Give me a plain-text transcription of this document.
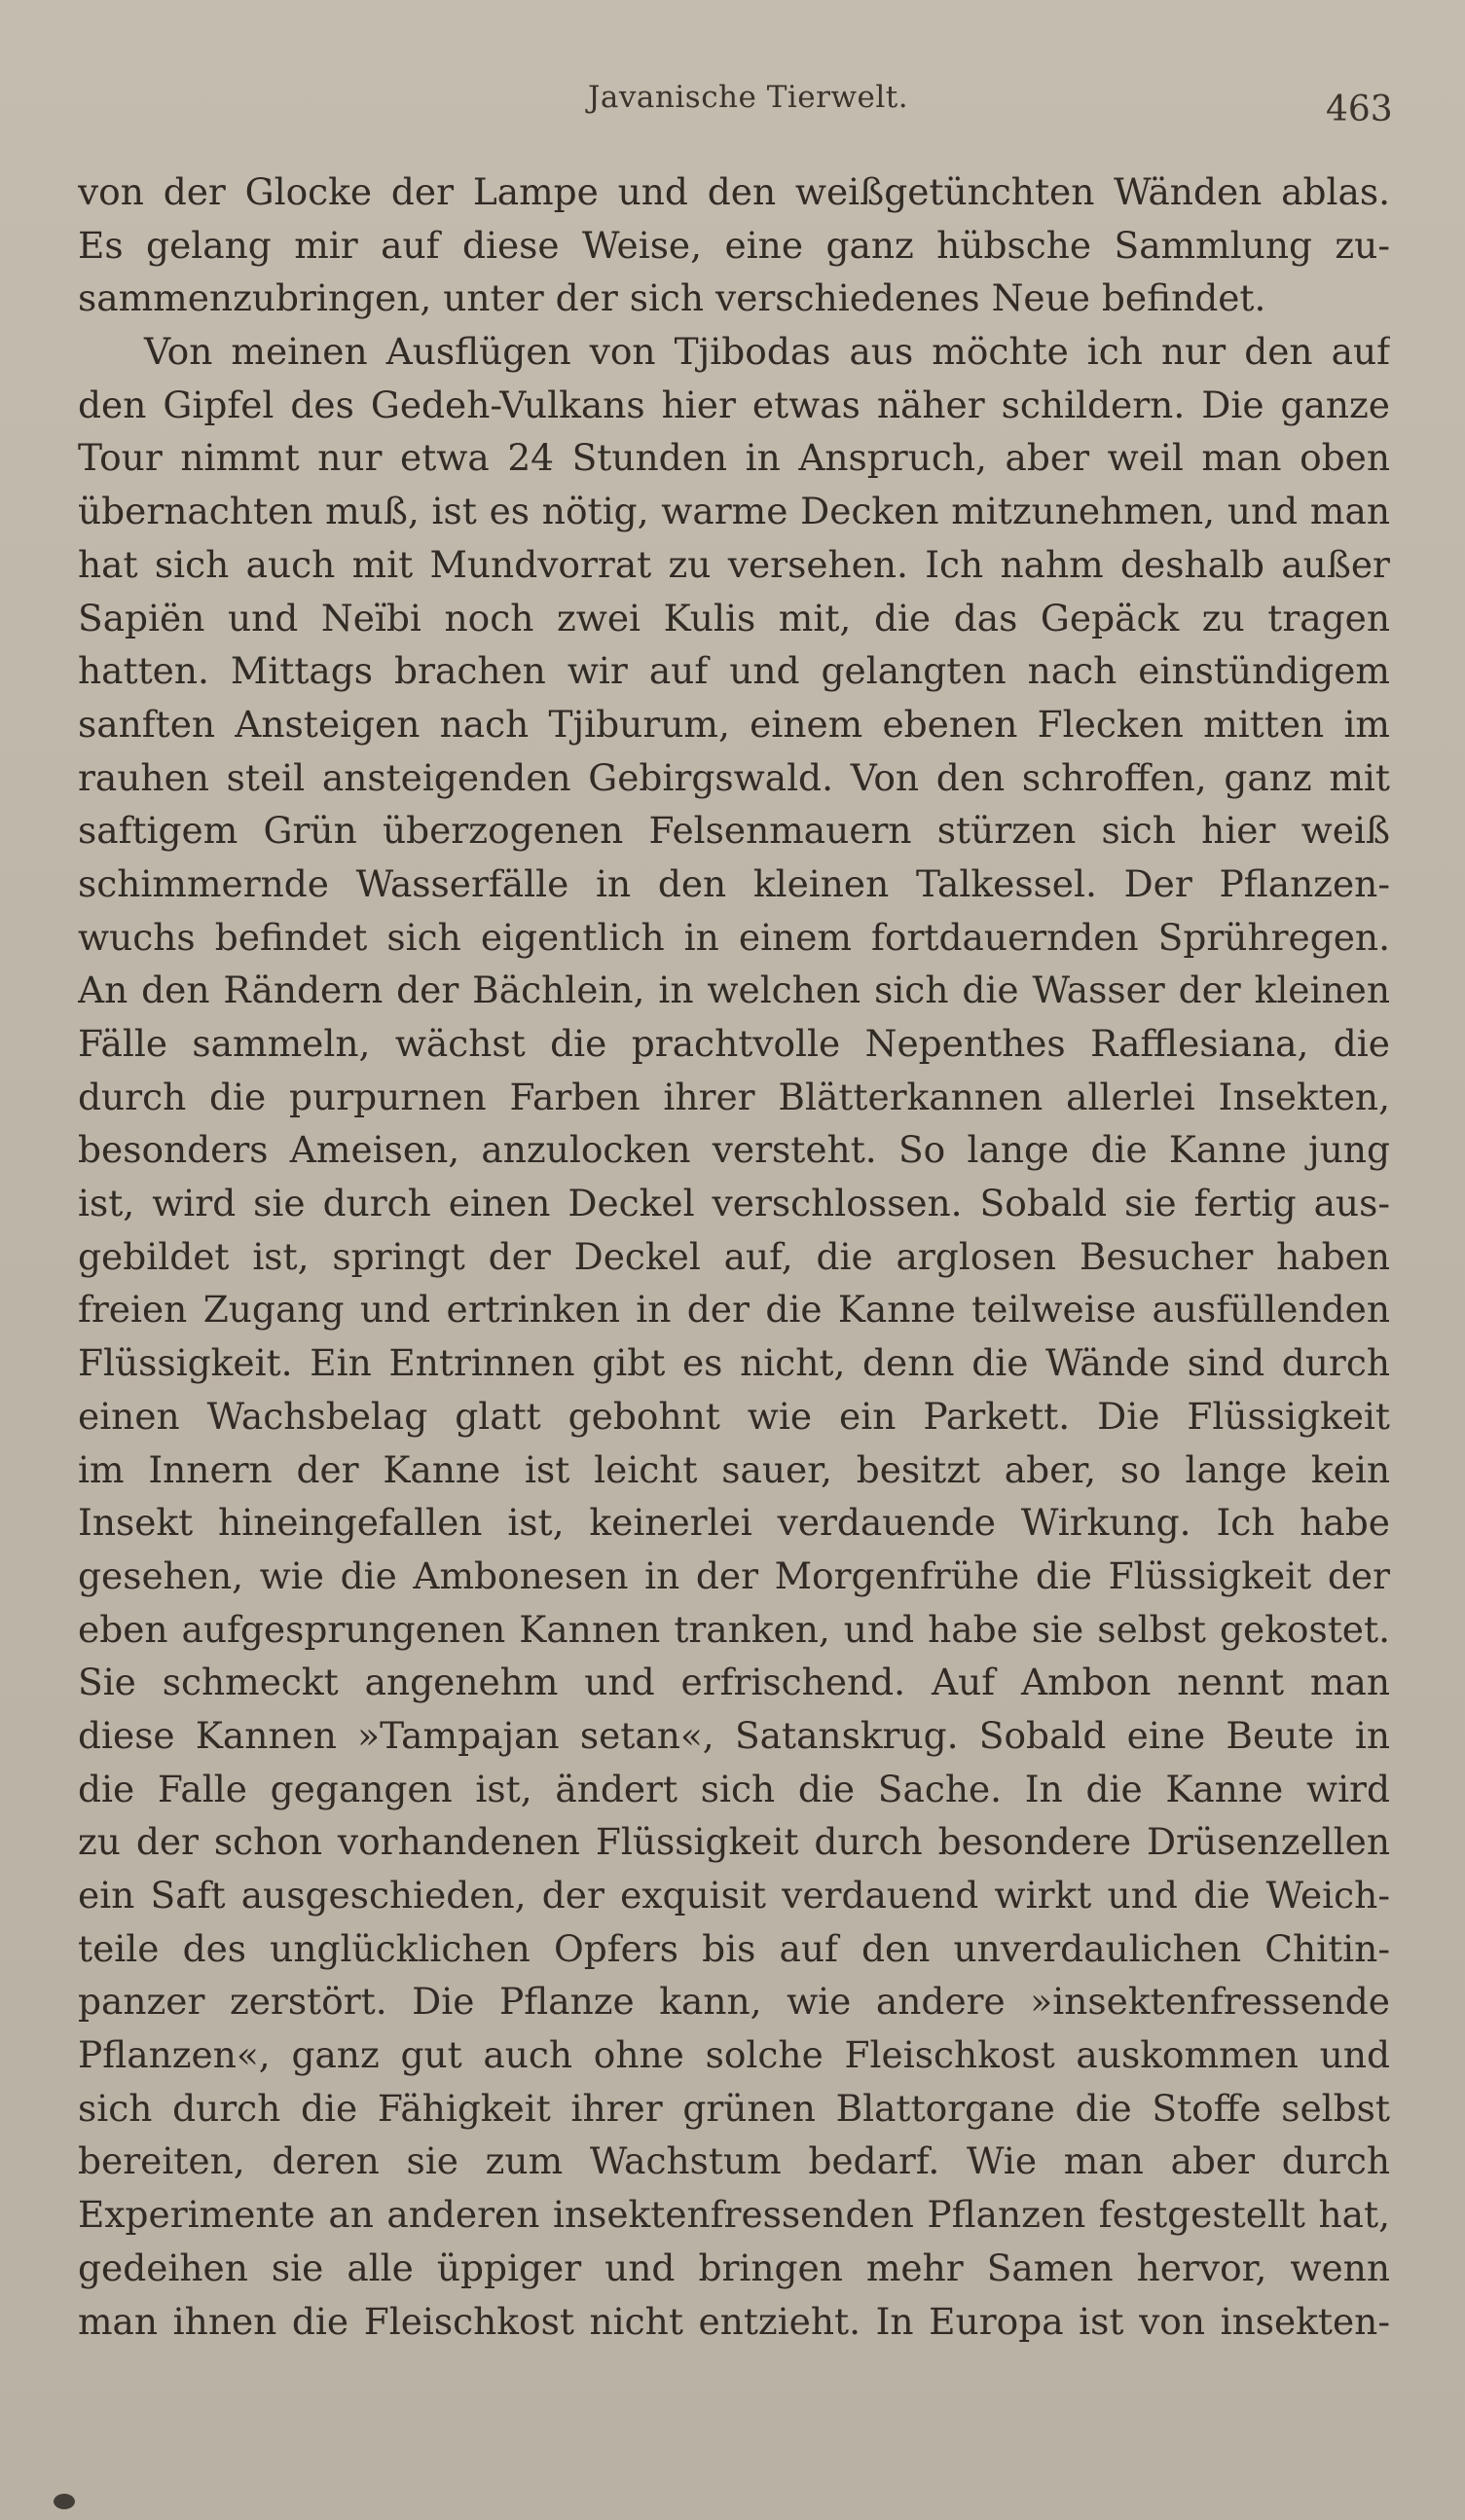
Javanische Tierwelt.	463
von der Glocke der Lampe und den weißgetünchten Wänden ablas.
Es gelang mir auf diese Weise, eine ganz hübsche Sammlung zu-
sammenzubringen, unter der sich verschiedenes Neue befindet.
Von meinen Ausflügen von Tjibodas aus möchte ich nur den auf
den Gipfel des Gedeh-Vulkans hier etwas näher schildern. Die ganze
Tour nimmt nur etwa 24 Stunden in Anspruch, aber weil man oben
übernachten muß, ist es nötig, warme Decken mitzunehmen, und man
hat sich auch mit Mundvorrat zu versehen. Ich nahm deshalb außer
Sapiën und Neïbi noch zwei Kulis mit, die das Gepäck zu tragen
hatten. Mittags brachen wir auf und gelangten nach einstündigem
sanften Ansteigen nach Tjiburum, einem ebenen Flecken mitten im
rauhen steil ansteigenden Gebirgswald. Von den schroffen, ganz mit
saftigem Grün überzogenen Felsenmauern stürzen sich hier weiß
schimmernde Wasserfälle in den kleinen Talkessel. Der Pflanzen-
wuchs befindet sich eigentlich in einem fortdauernden Sprühregen.
An den Rändern der Bächlein, in welchen sich die Wasser der kleinen
Fälle sammeln, wächst die prachtvolle Nepenthes Rafflesiana, die
durch die purpurnen Farben ihrer Blätterkannen allerlei Insekten,
besonders Ameisen, anzulocken versteht. So lange die Kanne jung
ist, wird sie durch einen Deckel verschlossen. Sobald sie fertig aus-
gebildet ist, springt der Deckel auf, die arglosen Besucher haben
freien Zugang und ertrinken in der die Kanne teilweise ausfüllenden
Flüssigkeit. Ein Entrinnen gibt es nicht, denn die Wände sind durch
einen Wachsbelag glatt gebohnt wie ein Parkett. Die Flüssigkeit
im Innern der Kanne ist leicht sauer, besitzt aber, so lange kein
Insekt hineingefallen ist, keinerlei verdauende Wirkung. Ich habe
gesehen, wie die Ambonesen in der Morgenfrühe die Flüssigkeit der
eben aufgesprungenen Kannen tranken, und habe sie selbst gekostet.
Sie schmeckt angenehm und erfrischend. Auf Ambon nennt man
diese Kannen »Tampajan setan«, Satanskrug. Sobald eine Beute in
die Falle gegangen ist, ändert sich die Sache. In die Kanne wird
zu der schon vorhandenen Flüssigkeit durch besondere Drüsenzellen
ein Saft ausgeschieden, der exquisit verdauend wirkt und die Weich-
teile des unglücklichen Opfers bis auf den unverdaulichen Chitin-
panzer zerstört. Die Pflanze kann, wie andere »insektenfressende
Pflanzen«, ganz gut auch ohne solche Fleischkost auskommen und
sich durch die Fähigkeit ihrer grünen Blattorgane die Stoffe selbst
bereiten, deren sie zum Wachstum bedarf. Wie man aber durch
Experimente an anderen insektenfressenden Pflanzen festgestellt hat,
gedeihen sie alle üppiger und bringen mehr Samen hervor, wenn
man ihnen die Fleischkost nicht entzieht. In Europa ist von insekten-
